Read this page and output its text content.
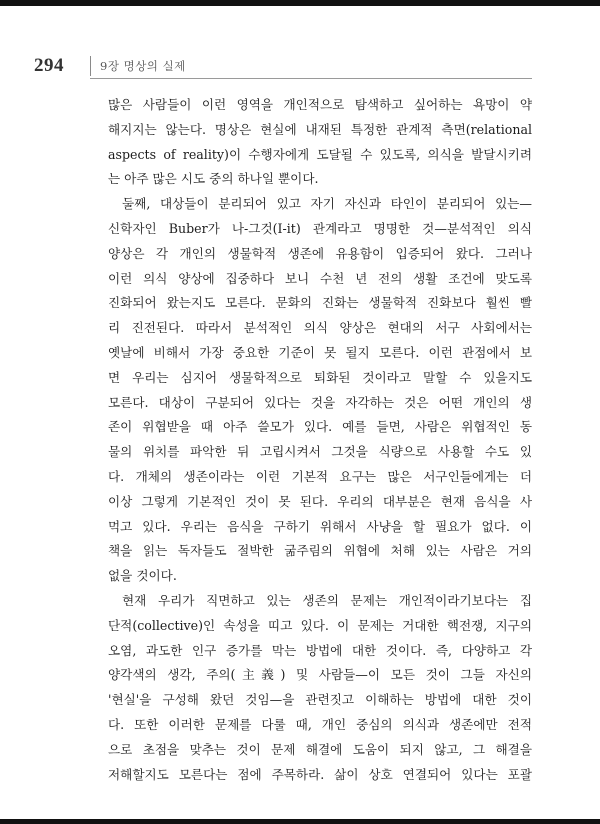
294	9장 명상의 실제
많은 사람들이 이런 영역을 개인적으로 탐색하고 싶어하는 욕망이 약
해지지는 않는다. 명상은 현실에 내재된 특정한 관계적 측면(relational
aspects of reality)이 수행자에게 도달될 수 있도록, 의식을 발달시키려
는 아주 많은 시도 중의 하나일 뿐이다.
둘째, 대상들이 분리되어 있고 자기 자신과 타인이 분리되어 있는—
신학자인 Buber가 나-그것(I-it) 관계라고 명명한 것—분석적인 의식
양상은 각 개인의 생물학적 생존에 유용함이 입증되어 왔다. 그러나
이런 의식 양상에 집중하다 보니 수천 년 전의 생활 조건에 맞도록
진화되어 왔는지도 모른다. 문화의 진화는 생물학적 진화보다 훨씬 빨
리 진전된다. 따라서 분석적인 의식 양상은 현대의 서구 사회에서는
옛날에 비해서 가장 중요한 기준이 못 될지 모른다. 이런 관점에서 보
면 우리는 심지어 생물학적으로 퇴화된 것이라고 말할 수 있을지도
모른다. 대상이 구분되어 있다는 것을 자각하는 것은 어떤 개인의 생
존이 위협받을 때 아주 쓸모가 있다. 예를 들면, 사람은 위협적인 동
물의 위치를 파악한 뒤 고립시켜서 그것을 식량으로 사용할 수도 있
다. 개체의 생존이라는 이런 기본적 요구는 많은 서구인들에게는 더
이상 그렇게 기본적인 것이 못 된다. 우리의 대부분은 현재 음식을 사
먹고 있다. 우리는 음식을 구하기 위해서 사냥을 할 필요가 없다. 이
책을 읽는 독자들도 절박한 굶주림의 위협에 처해 있는 사람은 거의
없을 것이다.
현재 우리가 직면하고 있는 생존의 문제는 개인적이라기보다는 집
단적(collective)인 속성을 띠고 있다. 이 문제는 거대한 핵전쟁, 지구의
오염, 과도한 인구 증가를 막는 방법에 대한 것이다. 즉, 다양하고 각
양각색의 생각, 주의(主義) 및 사람들—이 모든 것이 그들 자신의
'현실'을 구성해 왔던 것임—을 관련짓고 이해하는 방법에 대한 것이
다. 또한 이러한 문제를 다룰 때, 개인 중심의 의식과 생존에만 전적
으로 초점을 맞추는 것이 문제 해결에 도움이 되지 않고, 그 해결을
저해할지도 모른다는 점에 주목하라. 삶이 상호 연결되어 있다는 포괄
